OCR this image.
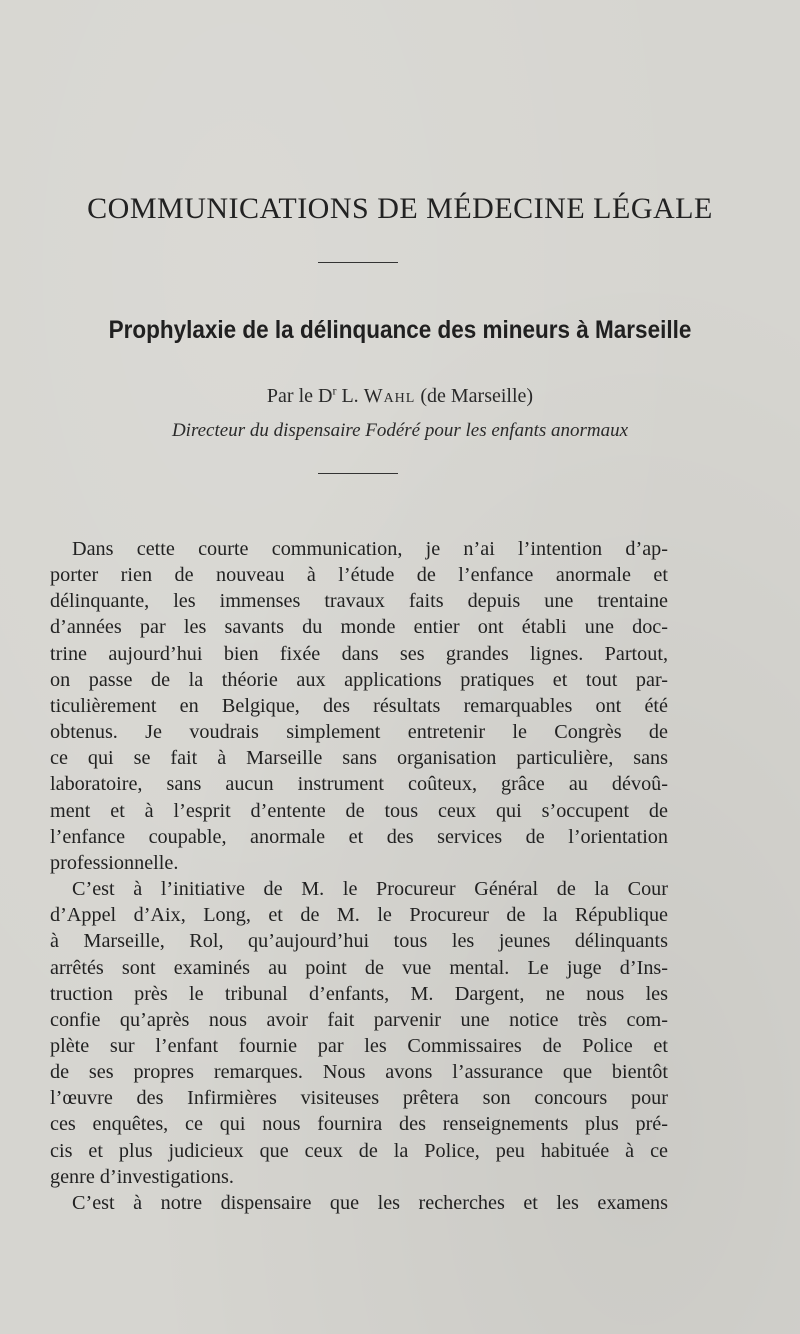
COMMUNICATIONS DE MÉDECINE LÉGALE
Prophylaxie de la délinquance des mineurs à Marseille
Par le $D^r$ L. Wahl (de Marseille)
Directeur du dispensaire Fodéré pour les enfants anormaux
Dans cette courte communication, je n’ai l’intention d’ap-
porter rien de nouveau à l’étude de l’enfance anormale et
délinquante, les immenses travaux faits depuis une trentaine
d’années par les savants du monde entier ont établi une doc-
trine aujourd’hui bien fixée dans ses grandes lignes. Partout,
on passe de la théorie aux applications pratiques et tout par-
ticulièrement en Belgique, des résultats remarquables ont été
obtenus. Je voudrais simplement entretenir le Congrès de
ce qui se fait à Marseille sans organisation particulière, sans
laboratoire, sans aucun instrument coûteux, grâce au dévoû-
ment et à l’esprit d’entente de tous ceux qui s’occupent de
l’enfance coupable, anormale et des services de l’orientation
professionnelle.
C’est à l’initiative de M. le Procureur Général de la Cour
d’Appel d’Aix, Long, et de M. le Procureur de la République
à Marseille, Rol, qu’aujourd’hui tous les jeunes délinquants
arrêtés sont examinés au point de vue mental. Le juge d’Ins-
truction près le tribunal d’enfants, M. Dargent, ne nous les
confie qu’après nous avoir fait parvenir une notice très com-
plète sur l’enfant fournie par les Commissaires de Police et
de ses propres remarques. Nous avons l’assurance que bientôt
l’œuvre des Infirmières visiteuses prêtera son concours pour
ces enquêtes, ce qui nous fournira des renseignements plus pré-
cis et plus judicieux que ceux de la Police, peu habituée à ce
genre d’investigations.
C’est à notre dispensaire que les recherches et les examens
